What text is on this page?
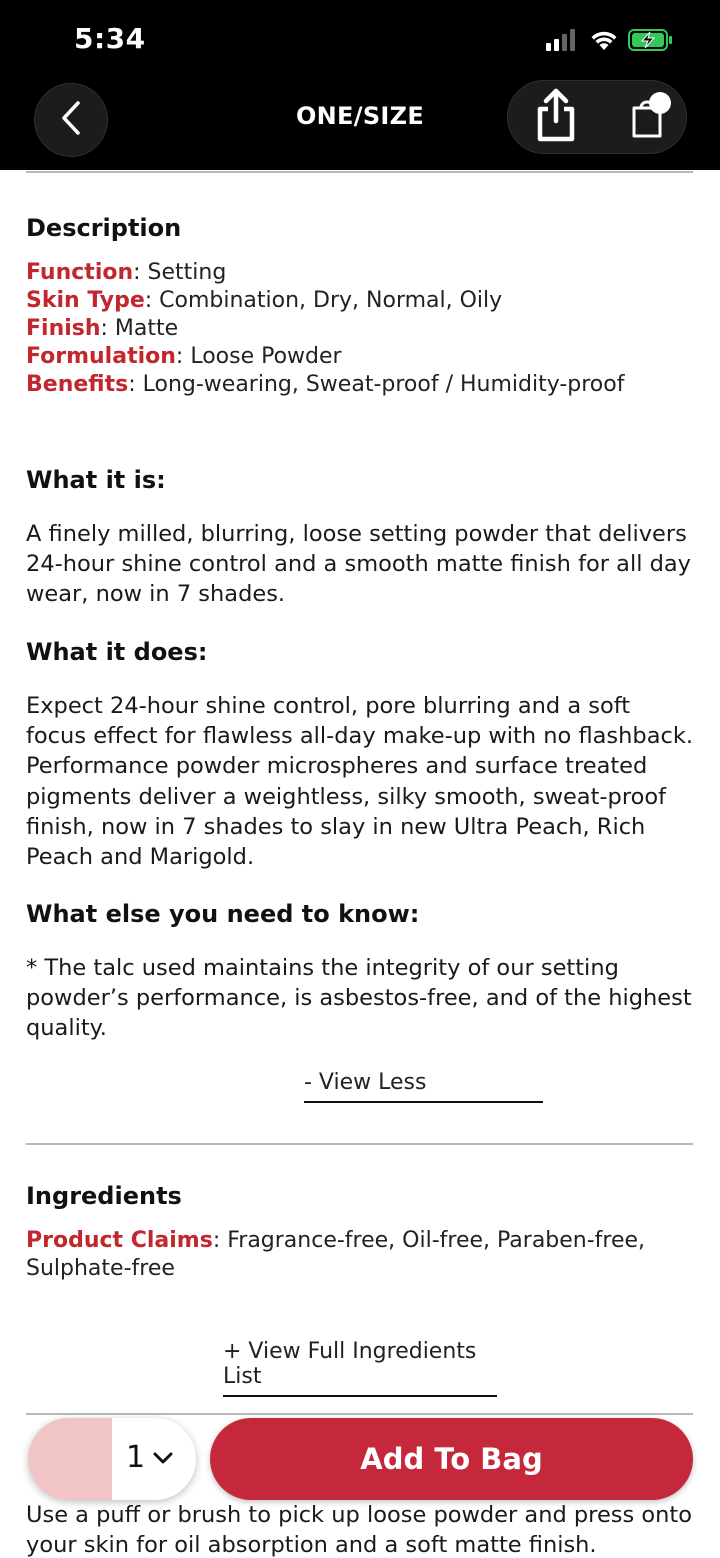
5:34
ONE/SIZE
Description
Function: Setting
Skin Type: Combination, Dry, Normal, Oily
Finish: Matte
Formulation: Loose Powder
Benefits: Long-wearing, Sweat-proof / Humidity-proof
What it is:
A finely milled, blurring, loose setting powder that delivers 24-hour shine control and a smooth matte finish for all day wear, now in 7 shades.
What it does:
Expect 24-hour shine control, pore blurring and a soft focus effect for flawless all-day make-up with no flashback. Performance powder microspheres and surface treated pigments deliver a weightless, silky smooth, sweat-proof finish, now in 7 shades to slay in new Ultra Peach, Rich Peach and Marigold.
What else you need to know:
* The talc used maintains the integrity of our setting powder’s performance, is asbestos-free, and of the highest quality.
- View Less
Ingredients
Product Claims: Fragrance-free, Oil-free, Paraben-free, Sulphate-free
+ View Full Ingredients List
Use a puff or brush to pick up loose powder and press onto your skin for oil absorption and a soft matte finish.
1	Add To Bag
